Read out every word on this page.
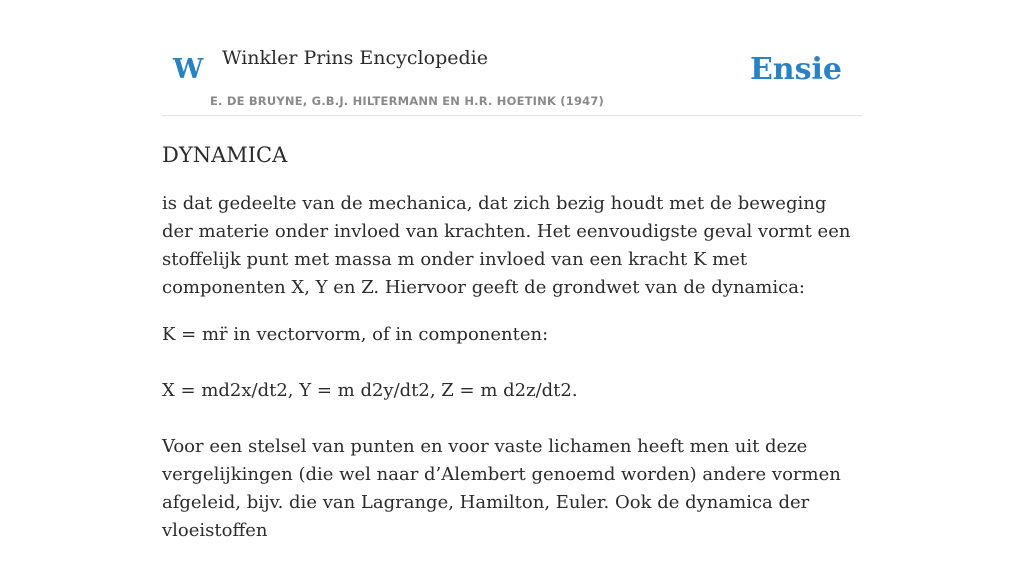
W Winkler Prins Encyclopedie	Ensie
E. DE BRUYNE, G.B.J. HILTERMANN EN H.R. HOETINK (1947)
DYNAMICA

is dat gedeelte van de mechanica, dat zich bezig houdt met de beweging der materie onder invloed van krachten. Het eenvoudigste geval vormt een stoffelijk punt met massa m onder invloed van een kracht K met componenten X, Y en Z. Hiervoor geeft de grondwet van de dynamica:

K = mr̈ in vectorvorm, of in componenten:

X = md2x/dt2, Y = m d2y/dt2, Z = m d2z/dt2.

Voor een stelsel van punten en voor vaste lichamen heeft men uit deze vergelijkingen (die wel naar d’Alembert genoemd worden) andere vormen afgeleid, bijv. die van Lagrange, Hamilton, Euler. Ook de dynamica der vloeistoffen
